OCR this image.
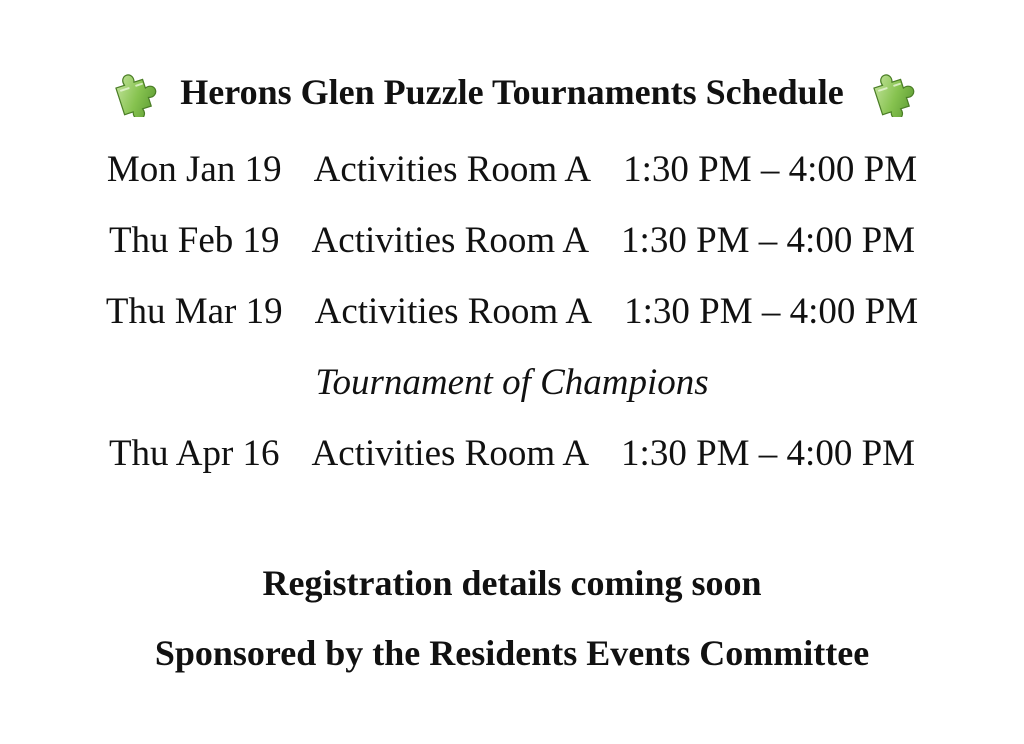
Herons Glen Puzzle Tournaments Schedule
Mon Jan 19 Activities Room A 1:30 PM – 4:00 PM
Thu Feb 19 Activities Room A 1:30 PM – 4:00 PM
Thu Mar 19 Activities Room A 1:30 PM – 4:00 PM
Tournament of Champions
Thu Apr 16 Activities Room A 1:30 PM – 4:00 PM
Registration details coming soon
Sponsored by the Residents Events Committee
